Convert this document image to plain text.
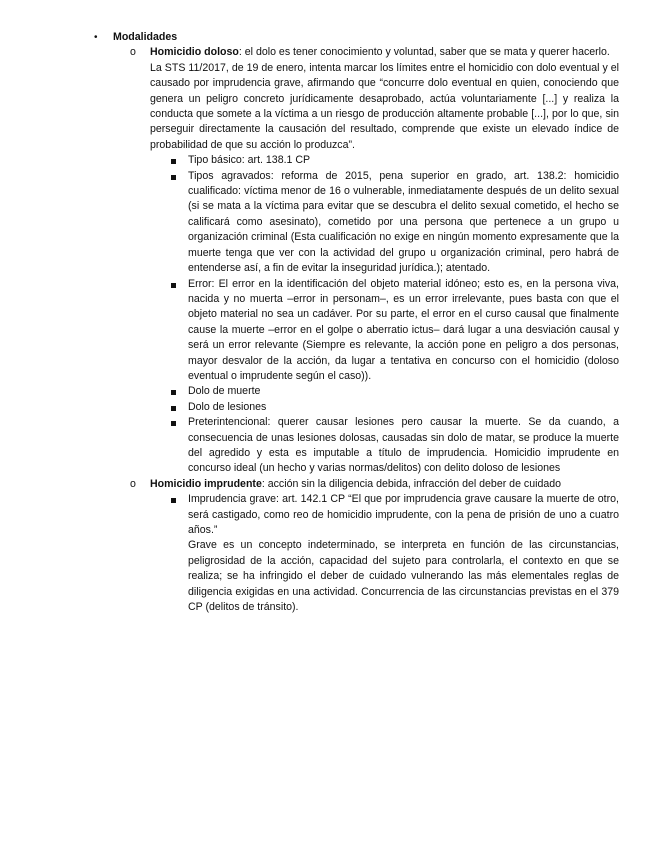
• Modalidades
o Homicidio doloso: el dolo es tener conocimiento y voluntad, saber que se mata y querer hacerlo.
La STS 11/2017, de 19 de enero, intenta marcar los límites entre el homicidio con dolo eventual y el causado por imprudencia grave, afirmando que “concurre dolo eventual en quien, conociendo que genera un peligro concreto jurídicamente desaprobado, actúa voluntariamente [...] y realiza la conducta que somete a la víctima a un riesgo de producción altamente probable [...], por lo que, sin perseguir directamente la causación del resultado, comprende que existe un elevado índice de probabilidad de que su acción lo produzca”.
Tipo básico: art. 138.1 CP
Tipos agravados: reforma de 2015, pena superior en grado, art. 138.2: homicidio cualificado: víctima menor de 16 o vulnerable, inmediatamente después de un delito sexual (si se mata a la víctima para evitar que se descubra el delito sexual cometido, el hecho se calificará como asesinato), cometido por una persona que pertenece a un grupo u organización criminal (Esta cualificación no exige en ningún momento expresamente que la muerte tenga que ver con la actividad del grupo u organización criminal, pero habrá de entenderse así, a fin de evitar la inseguridad jurídica.); atentado.
Error: El error en la identificación del objeto material idóneo; esto es, en la persona viva, nacida y no muerta –error in personam–, es un error irrelevante, pues basta con que el objeto material no sea un cadáver. Por su parte, el error en el curso causal que finalmente cause la muerte –error en el golpe o aberratio ictus– dará lugar a una desviación causal y será un error relevante (Siempre es relevante, la acción pone en peligro a dos personas, mayor desvalor de la acción, da lugar a tentativa en concurso con el homicidio (doloso eventual o imprudente según el caso)).
Dolo de muerte
Dolo de lesiones
Preterintencional: querer causar lesiones pero causar la muerte. Se da cuando, a consecuencia de unas lesiones dolosas, causadas sin dolo de matar, se produce la muerte del agredido y esta es imputable a título de imprudencia. Homicidio imprudente en concurso ideal (un hecho y varias normas/delitos) con delito doloso de lesiones
o Homicidio imprudente: acción sin la diligencia debida, infracción del deber de cuidado
Imprudencia grave: art. 142.1 CP “El que por imprudencia grave causare la muerte de otro, será castigado, como reo de homicidio imprudente, con la pena de prisión de uno a cuatro años.”
Grave es un concepto indeterminado, se interpreta en función de las circunstancias, peligrosidad de la acción, capacidad del sujeto para controlarla, el contexto en que se realiza; se ha infringido el deber de cuidado vulnerando las más elementales reglas de diligencia exigidas en una actividad. Concurrencia de las circunstancias previstas en el 379 CP (delitos de tránsito).
